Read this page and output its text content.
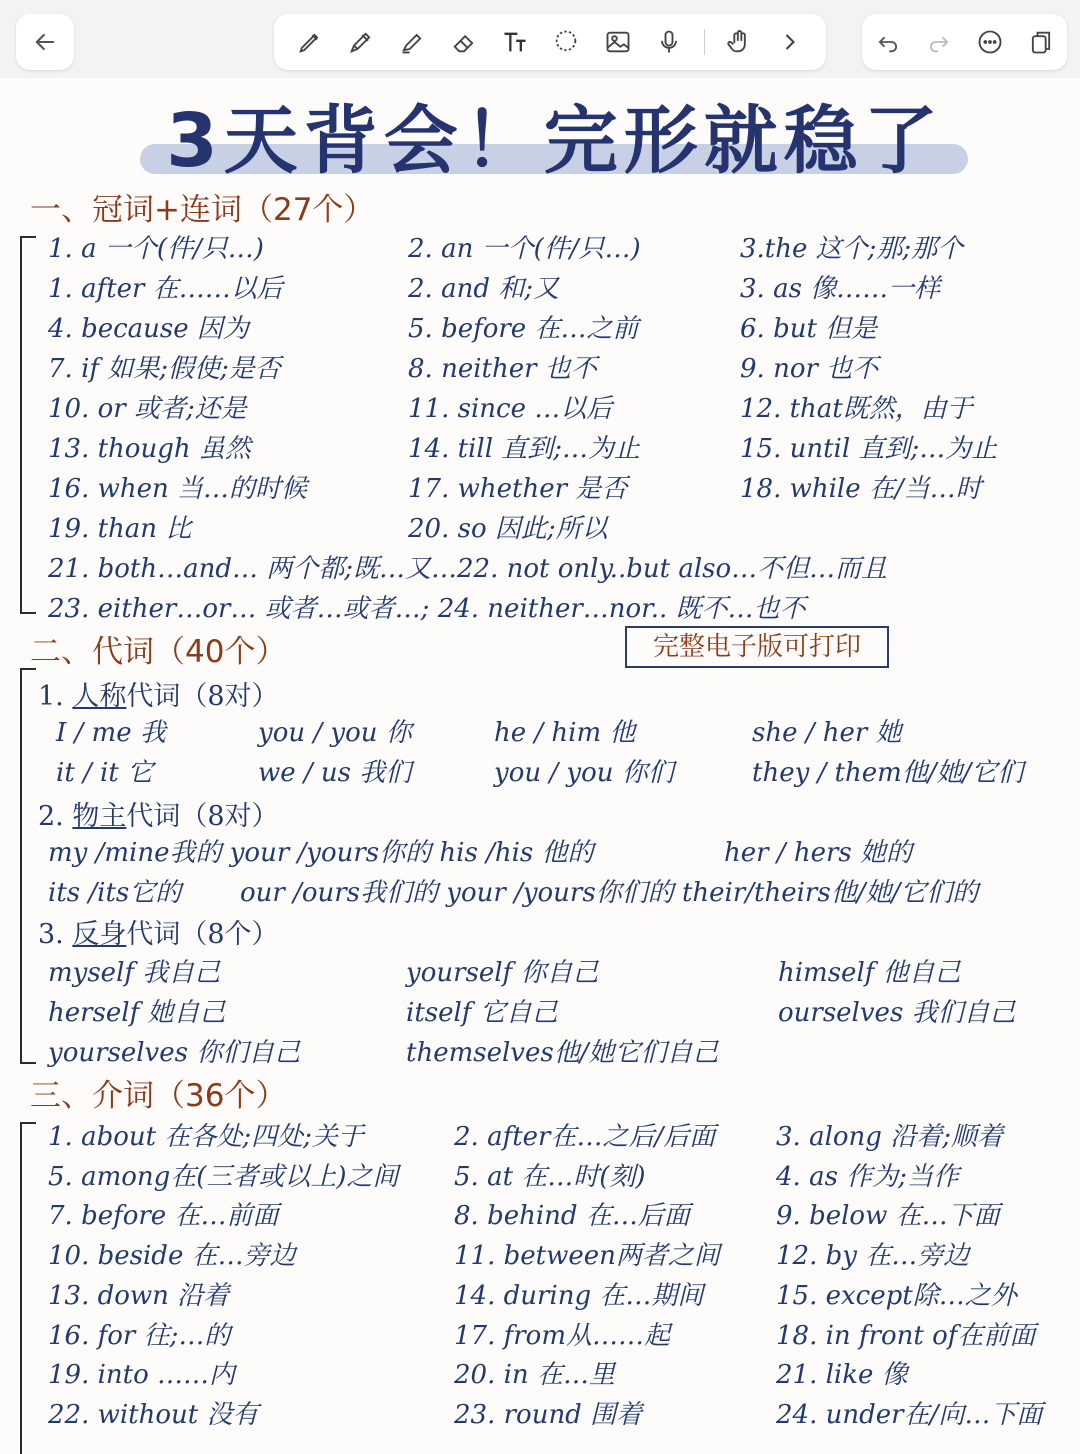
3天背会！完形就稳了
一、冠词+连词（27个）
1. a 一个(件/只…)	2. an 一个(件/只…)	3.the 这个;那;那个
1. after 在……以后	2. and 和;又	3. as 像……一样
4. because 因为	5. before 在…之前	6. but 但是
7. if 如果;假使;是否	8. neither 也不	9. nor 也不
10. or 或者;还是	11. since …以后	12. that既然，由于
13. though 虽然	14. till 直到;…为止	15. until 直到;…为止
16. when 当…的时候	17. whether 是否	18. while 在/当…时
19. than 比	20. so 因此;所以
21. both…and… 两个都;既…又…22. not only..but also…不但…而且
23. either…or… 或者…或者…; 24. neither…nor.. 既不…也不
二、代词（40个）	完整电子版可打印
1. 人称代词（8对）
I / me 我	you / you 你	he / him 他	she / her 她
it / it 它	we / us 我们	you / you 你们	they / them他/她/它们
2. 物主代词（8对）
my /mine我的 your /yours你的 his /his 他的	her / hers 她的
its /its它的 our /ours我们的 your /yours你们的 their/theirs他/她/它们的
3. 反身代词（8个）
myself 我自己	yourself 你自己	himself 他自己
herself 她自己	itself 它自己	ourselves 我们自己
yourselves 你们自己	themselves他/她它们自己
三、介词（36个）
1. about 在各处;四处;关于	2. after在…之后/后面 3. along 沿着;顺着
5. among在(三者或以上)之间 5. at 在…时(刻)	4. as 作为;当作
7. before 在…前面	8. behind 在…后面	9. below 在…下面
10. beside 在…旁边	11. between两者之间 12. by 在…旁边
13. down 沿着	14. during 在…期间	15. except除…之外
16. for 往;…的	17. from从……起	18. in front of在前面
19. into ……内	20. in 在…里	21. like 像
22. without 没有	23. round 围着	24. under在/向…下面
